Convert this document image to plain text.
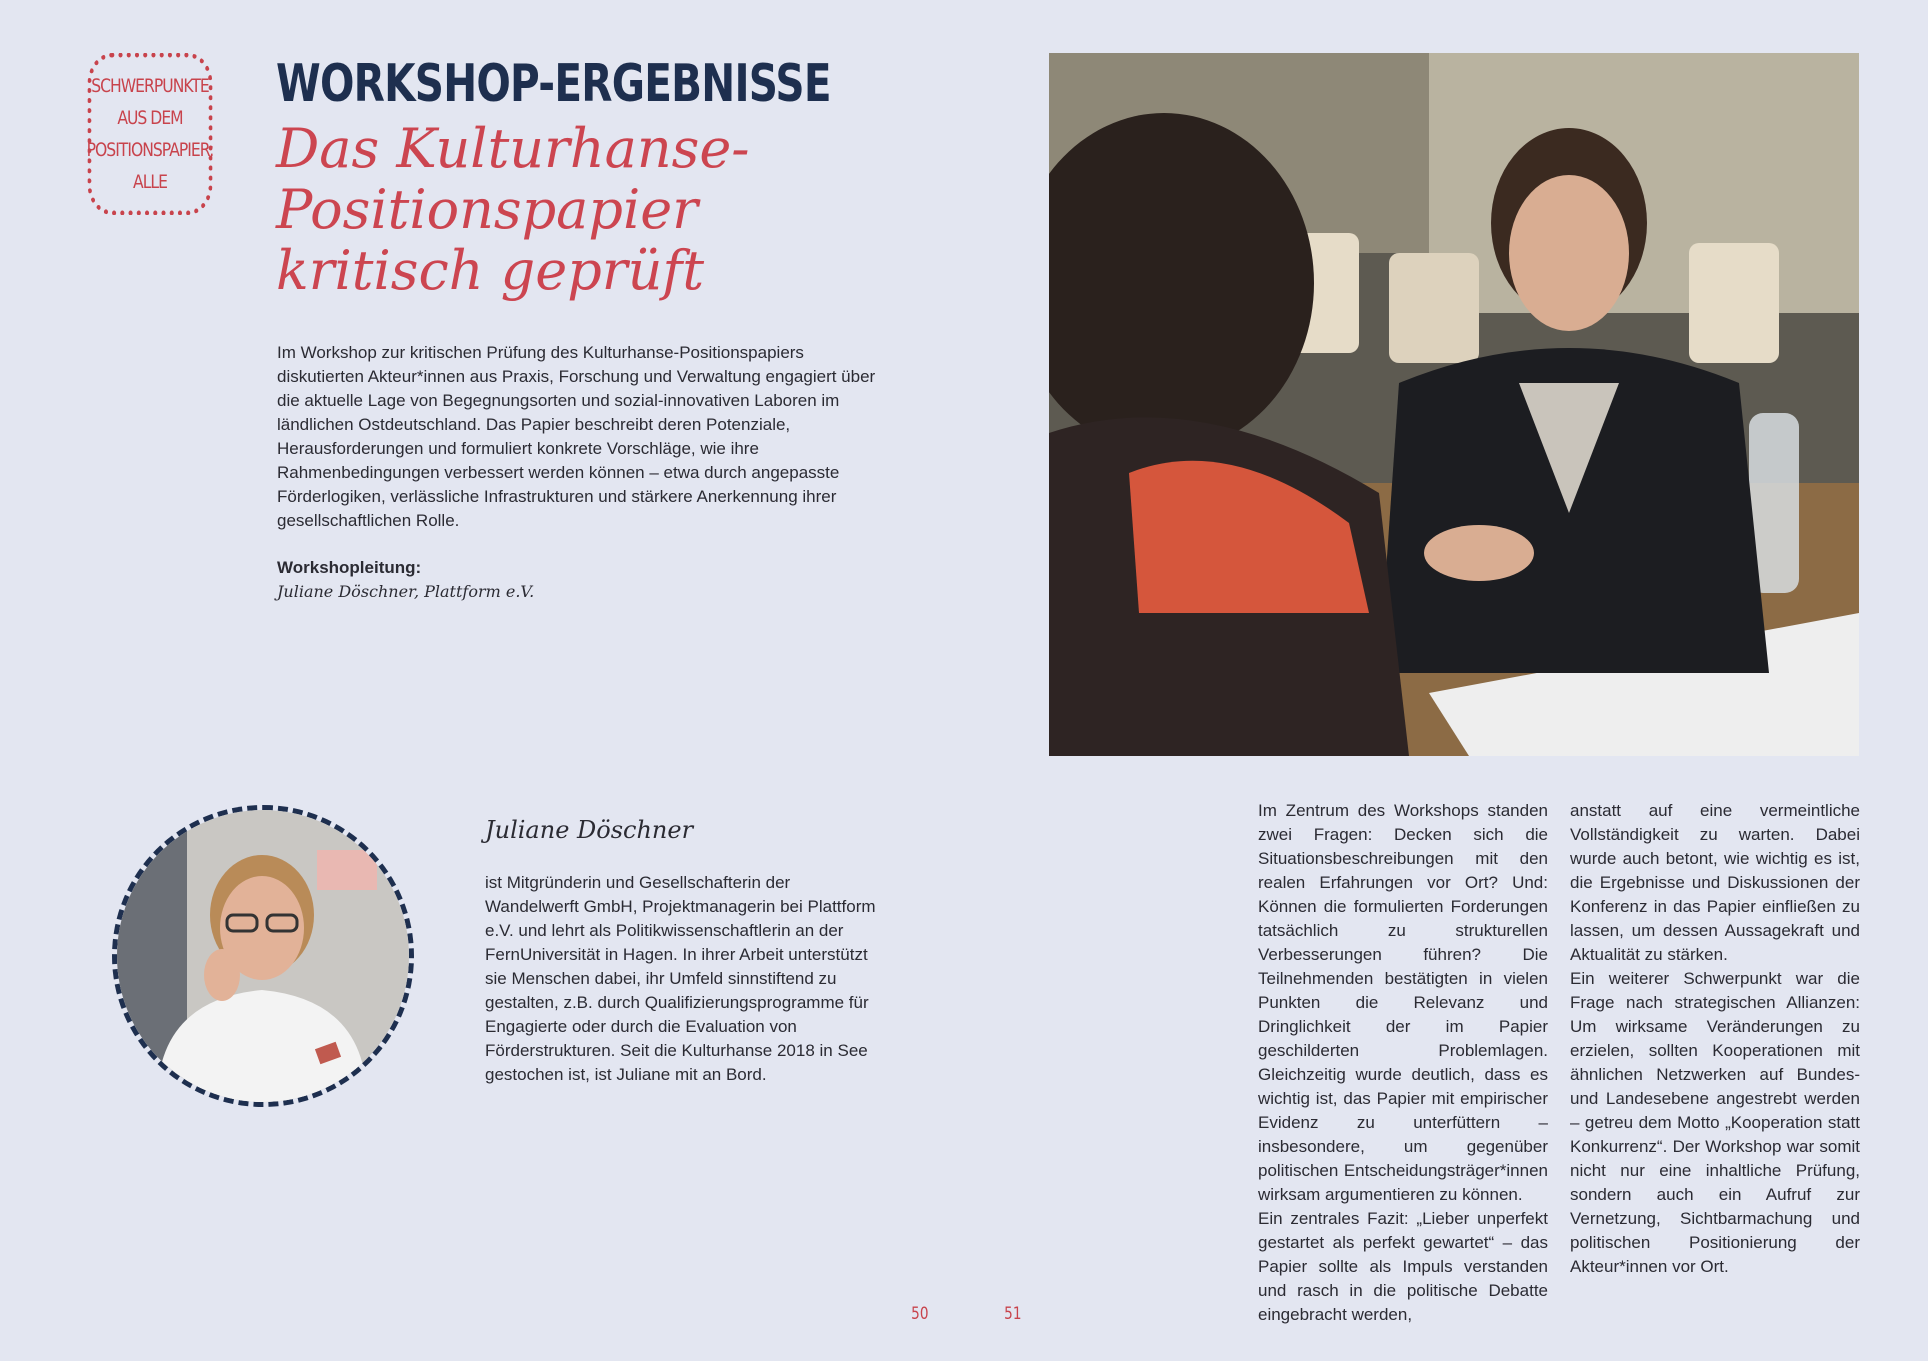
SCHWERPUNKTE
AUS DEM
POSITIONSPAPIER:
ALLE
WORKSHOP-ERGEBNISSE
Das Kulturhanse-
Positionspapier
kritisch geprüft

Im Workshop zur kritischen Prüfung des Kulturhanse-Positionspapiers diskutierten Akteur*innen aus Praxis, Forschung und Verwaltung engagiert über die aktuelle Lage von Begegnungsorten und sozial-innovativen Laboren im ländlichen Ostdeutschland. Das Papier beschreibt deren Potenziale, Herausforderungen und formuliert konkrete Vorschläge, wie ihre Rahmenbedingungen verbessert werden können – etwa durch angepasste Förderlogiken, verlässliche Infrastrukturen und stärkere Anerkennung ihrer gesellschaftlichen Rolle.

Workshopleitung:
Juliane Döschner, Plattform e.V.
Juliane Döschner

ist Mitgründerin und Gesellschafterin der Wandelwerft GmbH, Projektmanagerin bei Plattform e.V. und lehrt als Politikwissenschaftlerin an der FernUniversität in Hagen. In ihrer Arbeit unterstützt sie Menschen dabei, ihr Umfeld sinnstiftend zu gestalten, z.B. durch Qualifizierungsprogramme für Engagierte oder durch die Evaluation von Förderstrukturen. Seit die Kulturhanse 2018 in See gestochen ist, ist Juliane mit an Bord.

Im Zentrum des Workshops standen zwei Fragen: Decken sich die Situationsbeschreibungen mit den realen Erfahrungen vor Ort? Und: Können die formulierten Forderungen tatsächlich zu strukturellen Verbesserungen führen? Die Teilnehmenden bestätigten in vielen Punkten die Relevanz und Dringlichkeit der im Papier geschilderten Problemlagen. Gleichzeitig wurde deutlich, dass es wichtig ist, das Papier mit empirischer Evidenz zu unterfüttern – insbesondere, um gegenüber politischen Entscheidungsträger*innen wirksam argumentieren zu können.

Ein zentrales Fazit: „Lieber unperfekt gestartet als perfekt gewartet“ – das Papier sollte als Impuls verstanden und rasch in die politische Debatte eingebracht werden,

anstatt auf eine vermeintliche Vollständigkeit zu warten. Dabei wurde auch betont, wie wichtig es ist, die Ergebnisse und Diskussionen der Konferenz in das Papier einfließen zu lassen, um dessen Aussagekraft und Aktualität zu stärken.

Ein weiterer Schwerpunkt war die Frage nach strategischen Allianzen: Um wirksame Veränderungen zu erzielen, sollten Kooperationen mit ähnlichen Netzwerken auf Bundes- und Landesebene angestrebt werden – getreu dem Motto „Kooperation statt Konkurrenz“. Der Workshop war somit nicht nur eine inhaltliche Prüfung, sondern auch ein Aufruf zur Vernetzung, Sichtbarmachung und politischen Positionierung der Akteur*innen vor Ort.

50	51
